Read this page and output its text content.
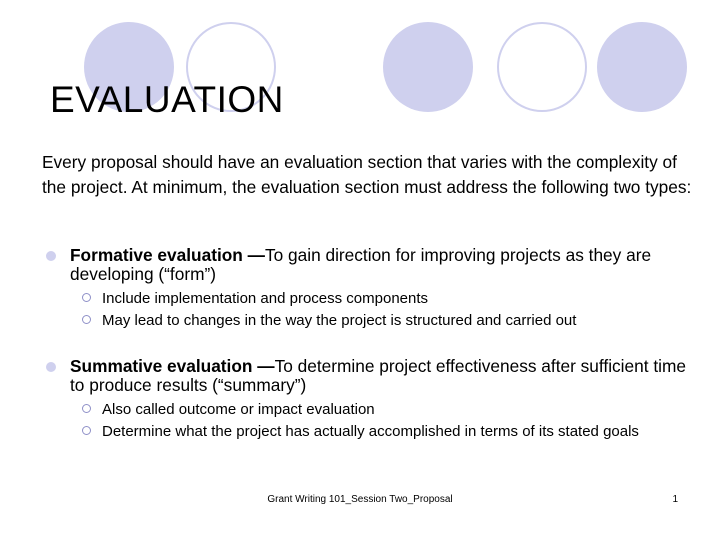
EVALUATION
Every proposal should have an evaluation section that varies with the complexity of the project. At minimum, the evaluation section must address the following two types:
Formative evaluation —To gain direction for improving projects as they are developing (“form”)
Include implementation and process components
May lead to changes in the way the project is structured and carried out
Summative evaluation —To determine project effectiveness after sufficient time to produce results (“summary”)
Also called outcome or impact evaluation
Determine what the project has actually accomplished in terms of its stated goals
Grant Writing 101_Session Two_Proposal	1
